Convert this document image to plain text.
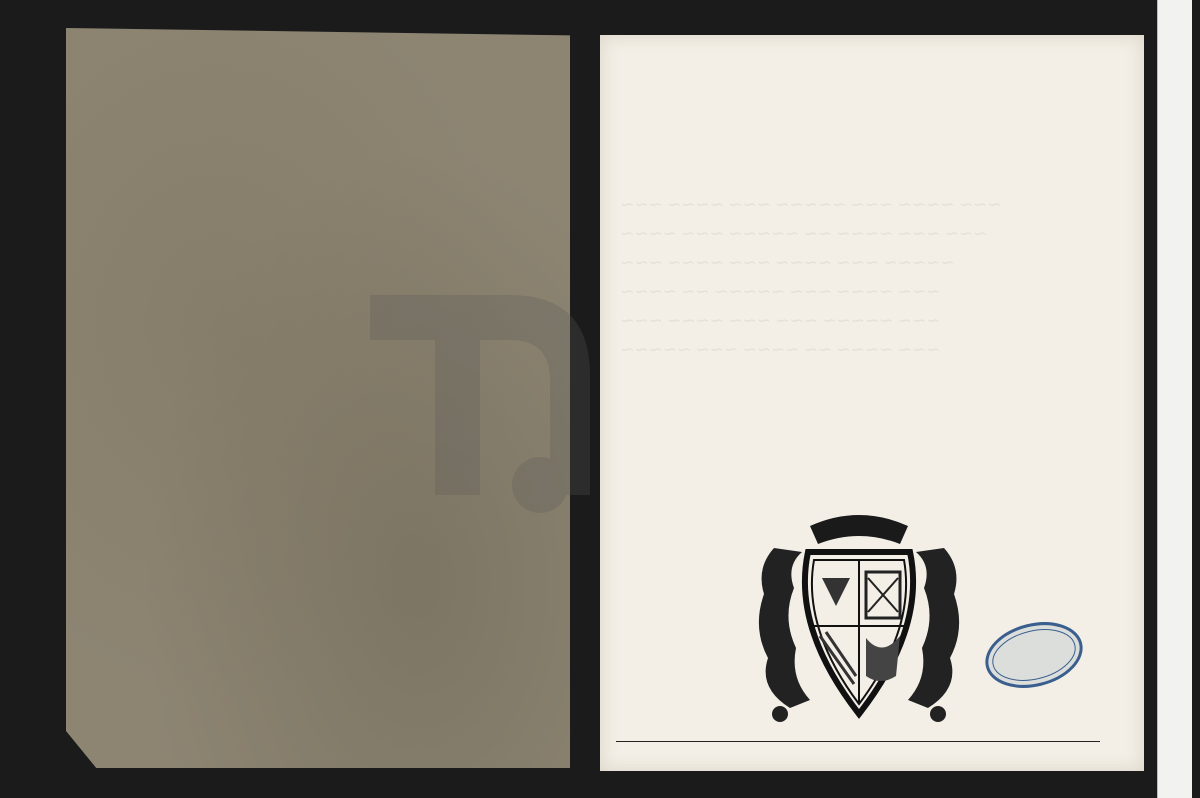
∽∽∽ ∽∽∽∽ ∽∽∽ ∽∽∽∽∽ ∽∽∽ ∽∽∽∽ ∽∽∽
∽∽∽∽ ∽∽∽ ∽∽∽∽∽ ∽∽ ∽∽∽∽ ∽∽∽ ∽∽∽
∽∽∽ ∽∽∽∽ ∽∽∽ ∽∽∽∽ ∽∽∽ ∽∽∽∽∽
∽∽∽∽ ∽∽ ∽∽∽∽∽ ∽∽∽ ∽∽∽∽ ∽∽∽
∽∽∽ ∽∽∽∽ ∽∽∽ ∽∽∽ ∽∽∽∽∽ ∽∽∽
∽∽∽∽∽ ∽∽∽ ∽∽∽∽ ∽∽ ∽∽∽∽ ∽∽∽
